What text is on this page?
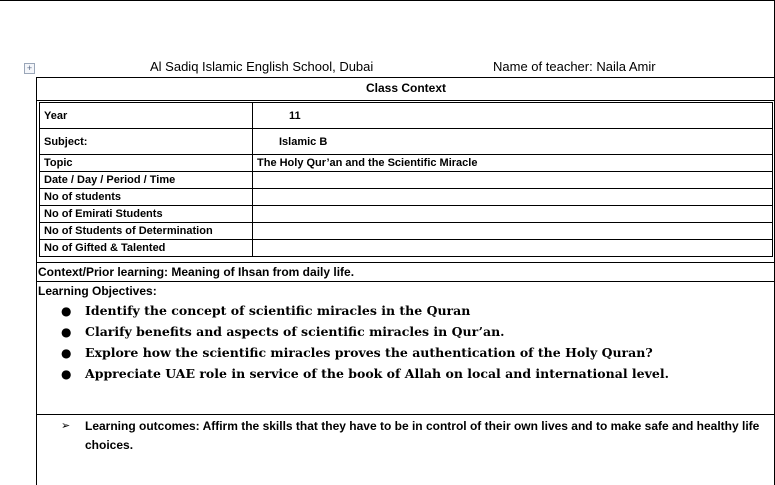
+	Al Sadiq Islamic English School, Dubai	Name of teacher: Naila Amir
Class Context
Year	11
Subject:	Islamic B
Topic	The Holy Qur’an and the Scientific Miracle
Date / Day / Period / Time	
No of students	
No of Emirati Students	
No of Students of Determination	
No of Gifted & Talented	
Context/Prior learning: Meaning of Ihsan from daily life.
Learning Objectives:
● Identify the concept of scientific miracles in the Quran
● Clarify benefits and aspects of scientific miracles in Qur’an.
● Explore how the scientific miracles proves the authentication of the Holy Quran?
● Appreciate UAE role in service of the book of Allah on local and international level.
➢	Learning outcomes: Affirm the skills that they have to be in control of their own lives and to make safe and healthy life choices.
